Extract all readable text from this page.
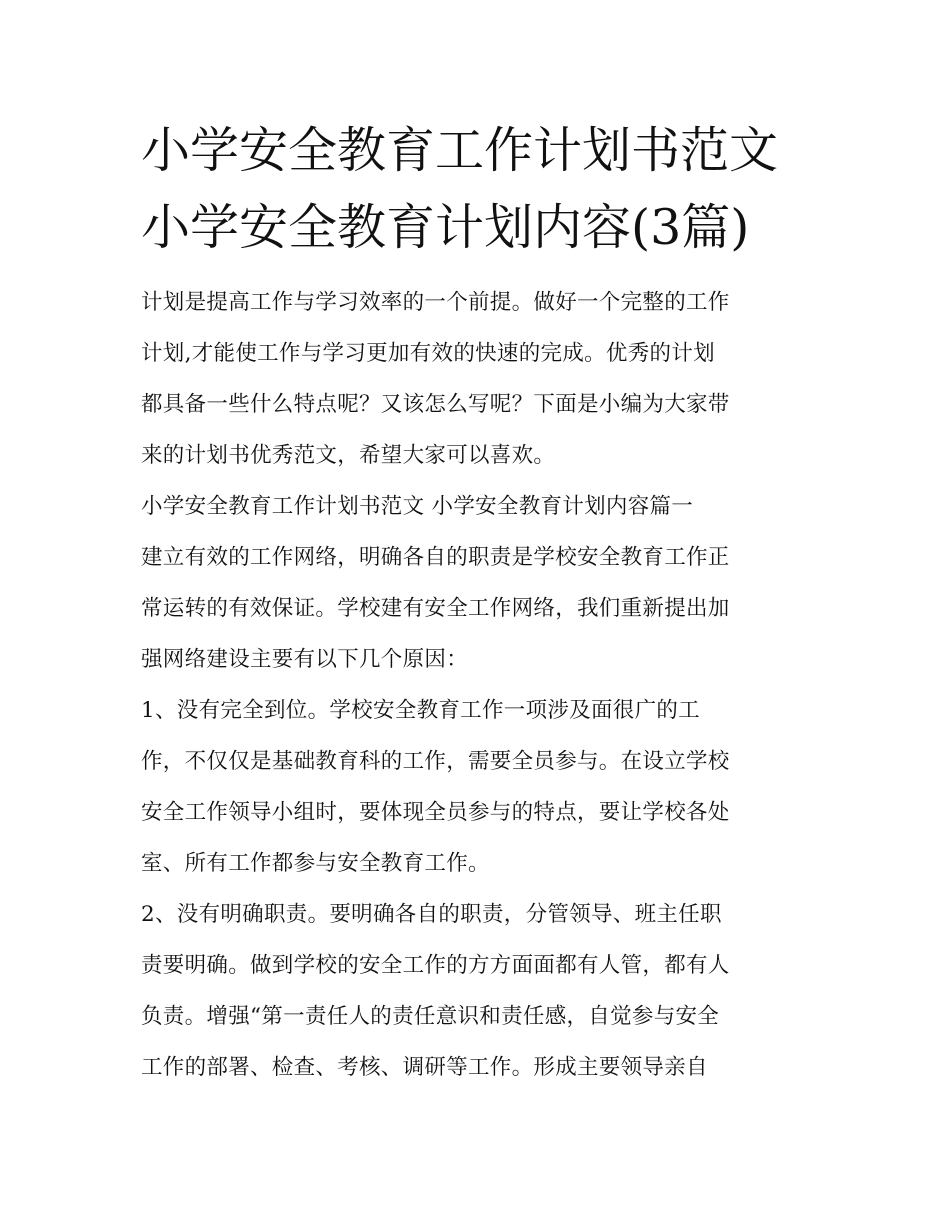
小学安全教育工作计划书范文
小学安全教育计划内容(3篇)
计划是提高工作与学习效率的一个前提。做好一个完整的工作
计划,才能使工作与学习更加有效的快速的完成。优秀的计划
都具备一些什么特点呢？又该怎么写呢？下面是小编为大家带
来的计划书优秀范文，希望大家可以喜欢。
小学安全教育工作计划书范文 小学安全教育计划内容篇一
建立有效的工作网络，明确各自的职责是学校安全教育工作正
常运转的有效保证。学校建有安全工作网络，我们重新提出加
强网络建设主要有以下几个原因：
1、没有完全到位。学校安全教育工作一项涉及面很广的工
作，不仅仅是基础教育科的工作，需要全员参与。在设立学校
安全工作领导小组时，要体现全员参与的特点，要让学校各处
室、所有工作都参与安全教育工作。
2、没有明确职责。要明确各自的职责，分管领导、班主任职
责要明确。做到学校的安全工作的方方面面都有人管，都有人
负责。增强“第一责任人的责任意识和责任感，自觉参与安全
工作的部署、检查、考核、调研等工作。形成主要领导亲自
